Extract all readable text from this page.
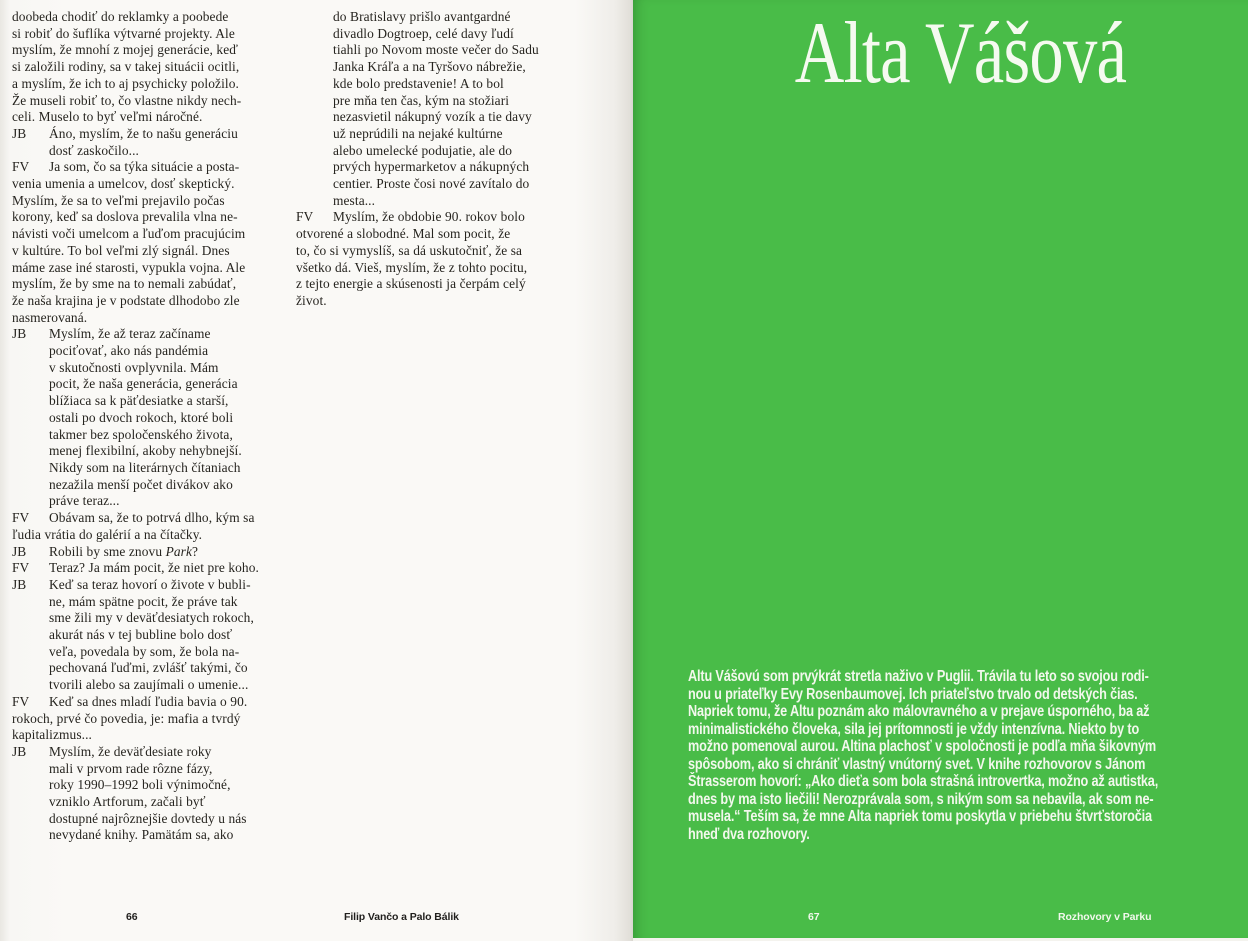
doobeda chodiť do reklamky a poobede
si robiť do šuflíka výtvarné projekty. Ale
myslím, že mnohí z mojej generácie, keď
si založili rodiny, sa v takej situácii ocitli,
a myslím, že ich to aj psychicky položilo.
Že museli robiť to, čo vlastne nikdy nech-
celi. Muselo to byť veľmi náročné.
JB	Áno, myslím, že to našu generáciu
dosť zaskočilo...
FV	Ja som, čo sa týka situácie a posta-
venia umenia a umelcov, dosť skeptický.
Myslím, že sa to veľmi prejavilo počas
korony, keď sa doslova prevalila vlna ne-
návisti voči umelcom a ľuďom pracujúcim
v kultúre. To bol veľmi zlý signál. Dnes
máme zase iné starosti, vypukla vojna. Ale
myslím, že by sme na to nemali zabúdať,
že naša krajina je v podstate dlhodobo zle
nasmerovaná.
JB	Myslím, že až teraz začíname
pociťovať, ako nás pandémia
v skutočnosti ovplyvnila. Mám
pocit, že naša generácia, generácia
blížiaca sa k päťdesiatke a starší,
ostali po dvoch rokoch, ktoré boli
takmer bez spoločenského života,
menej flexibilní, akoby nehybnejší.
Nikdy som na literárnych čítaniach
nezažila menší počet divákov ako
práve teraz...
FV	Obávam sa, že to potrvá dlho, kým sa
ľudia vrátia do galérií a na čítačky.
JB	Robili by sme znovu Park?
FV	Teraz? Ja mám pocit, že niet pre koho.
JB	Keď sa teraz hovorí o živote v bubli-
ne, mám spätne pocit, že práve tak
sme žili my v deväťdesiatych rokoch,
akurát nás v tej bubline bolo dosť
veľa, povedala by som, že bola na-
pechovaná ľuďmi, zvlášť takými, čo
tvorili alebo sa zaujímali o umenie...
FV	Keď sa dnes mladí ľudia bavia o 90.
rokoch, prvé čo povedia, je: mafia a tvrdý
kapitalizmus...
JB	Myslím, že deväťdesiate roky
mali v prvom rade rôzne fázy,
roky 1990–1992 boli výnimočné,
vzniklo Artforum, začali byť
dostupné najrôznejšie dovtedy u nás
nevydané knihy. Pamätám sa, ako
do Bratislavy prišlo avantgardné
divadlo Dogtroep, celé davy ľudí
tiahli po Novom moste večer do Sadu
Janka Kráľa a na Tyršovo nábrežie,
kde bolo predstavenie! A to bol
pre mňa ten čas, kým na stožiari
nezasvietil nákupný vozík a tie davy
už neprúdili na nejaké kultúrne
alebo umelecké podujatie, ale do
prvých hypermarketov a nákupných
centier. Proste čosi nové zavítalo do
mesta...
FV	Myslím, že obdobie 90. rokov bolo
otvorené a slobodné. Mal som pocit, že
to, čo si vymyslíš, sa dá uskutočniť, že sa
všetko dá. Vieš, myslím, že z tohto pocitu,
z tejto energie a skúsenosti ja čerpám celý
život.
66	Filip Vančo a Palo Bálik
Alta Vášová
Altu Vášovú som prvýkrát stretla naživo v Puglii. Trávila tu leto so svojou rodi-
nou u priateľky Evy Rosenbaumovej. Ich priateľstvo trvalo od detských čias.
Napriek tomu, že Altu poznám ako málovravného a v prejave úsporného, ba až
minimalistického človeka, sila jej prítomnosti je vždy intenzívna. Niekto by to
možno pomenoval aurou. Altina plachosť v spoločnosti je podľa mňa šikovným
spôsobom, ako si chrániť vlastný vnútorný svet. V knihe rozhovorov s Jánom
Štrasserom hovorí: „Ako dieťa som bola strašná introvertka, možno až autistka,
dnes by ma isto liečili! Nerozprávala som, s nikým som sa nebavila, ak som ne-
musela.“ Teším sa, že mne Alta napriek tomu poskytla v priebehu štvrťstoročia
hneď dva rozhovory.
67	Rozhovory v Parku
